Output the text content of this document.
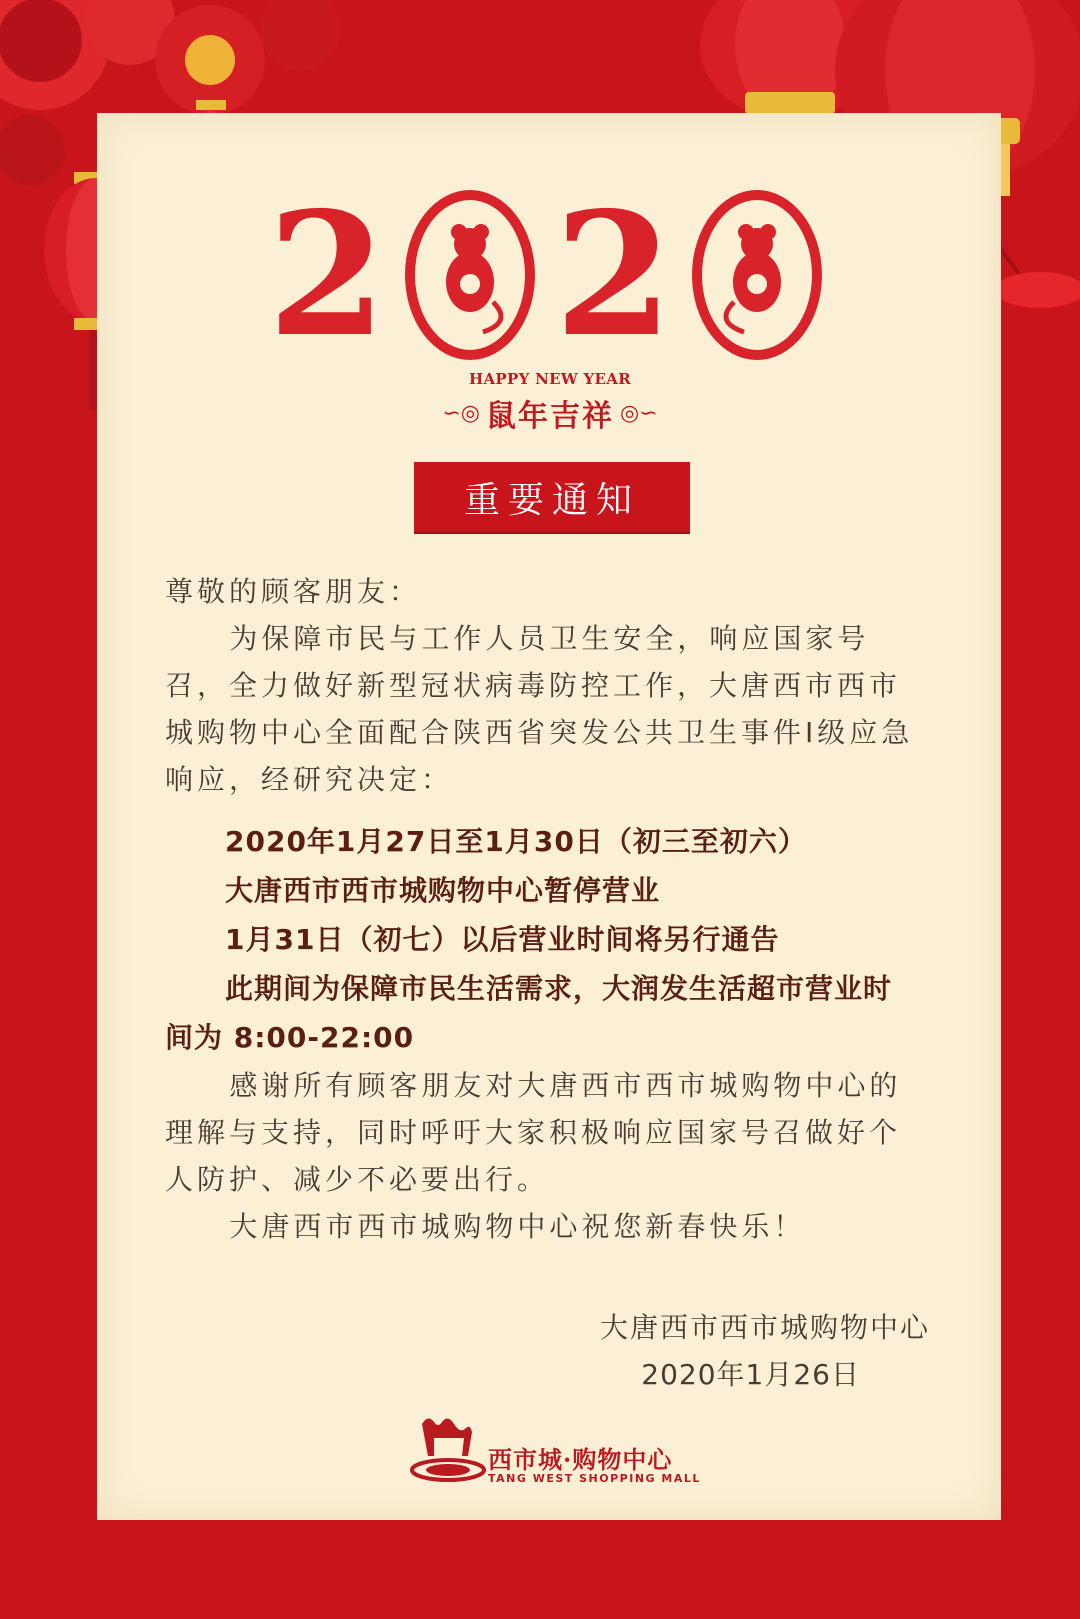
2 2
HAPPY NEW YEAR
∽◎ 鼠年吉祥 ◎∽
重要通知

尊敬的顾客朋友：

为保障市民与工作人员卫生安全，响应国家号召，全力做好新型冠状病毒防控工作，大唐西市西市城购物中心全面配合陕西省突发公共卫生事件Ⅰ级应急响应，经研究决定：

2020年1月27日至1月30日（初三至初六）
大唐西市西市城购物中心暂停营业
1月31日（初七）以后营业时间将另行通告
此期间为保障市民生活需求，大润发生活超市营业时
间为 8:00-22:00

感谢所有顾客朋友对大唐西市西市城购物中心的理解与支持，同时呼吁大家积极响应国家号召做好个人防护、减少不必要出行。

大唐西市西市城购物中心祝您新春快乐！

大唐西市西市城购物中心
2020年1月26日
西市城·购物中心
TANG WEST SHOPPING MALL
